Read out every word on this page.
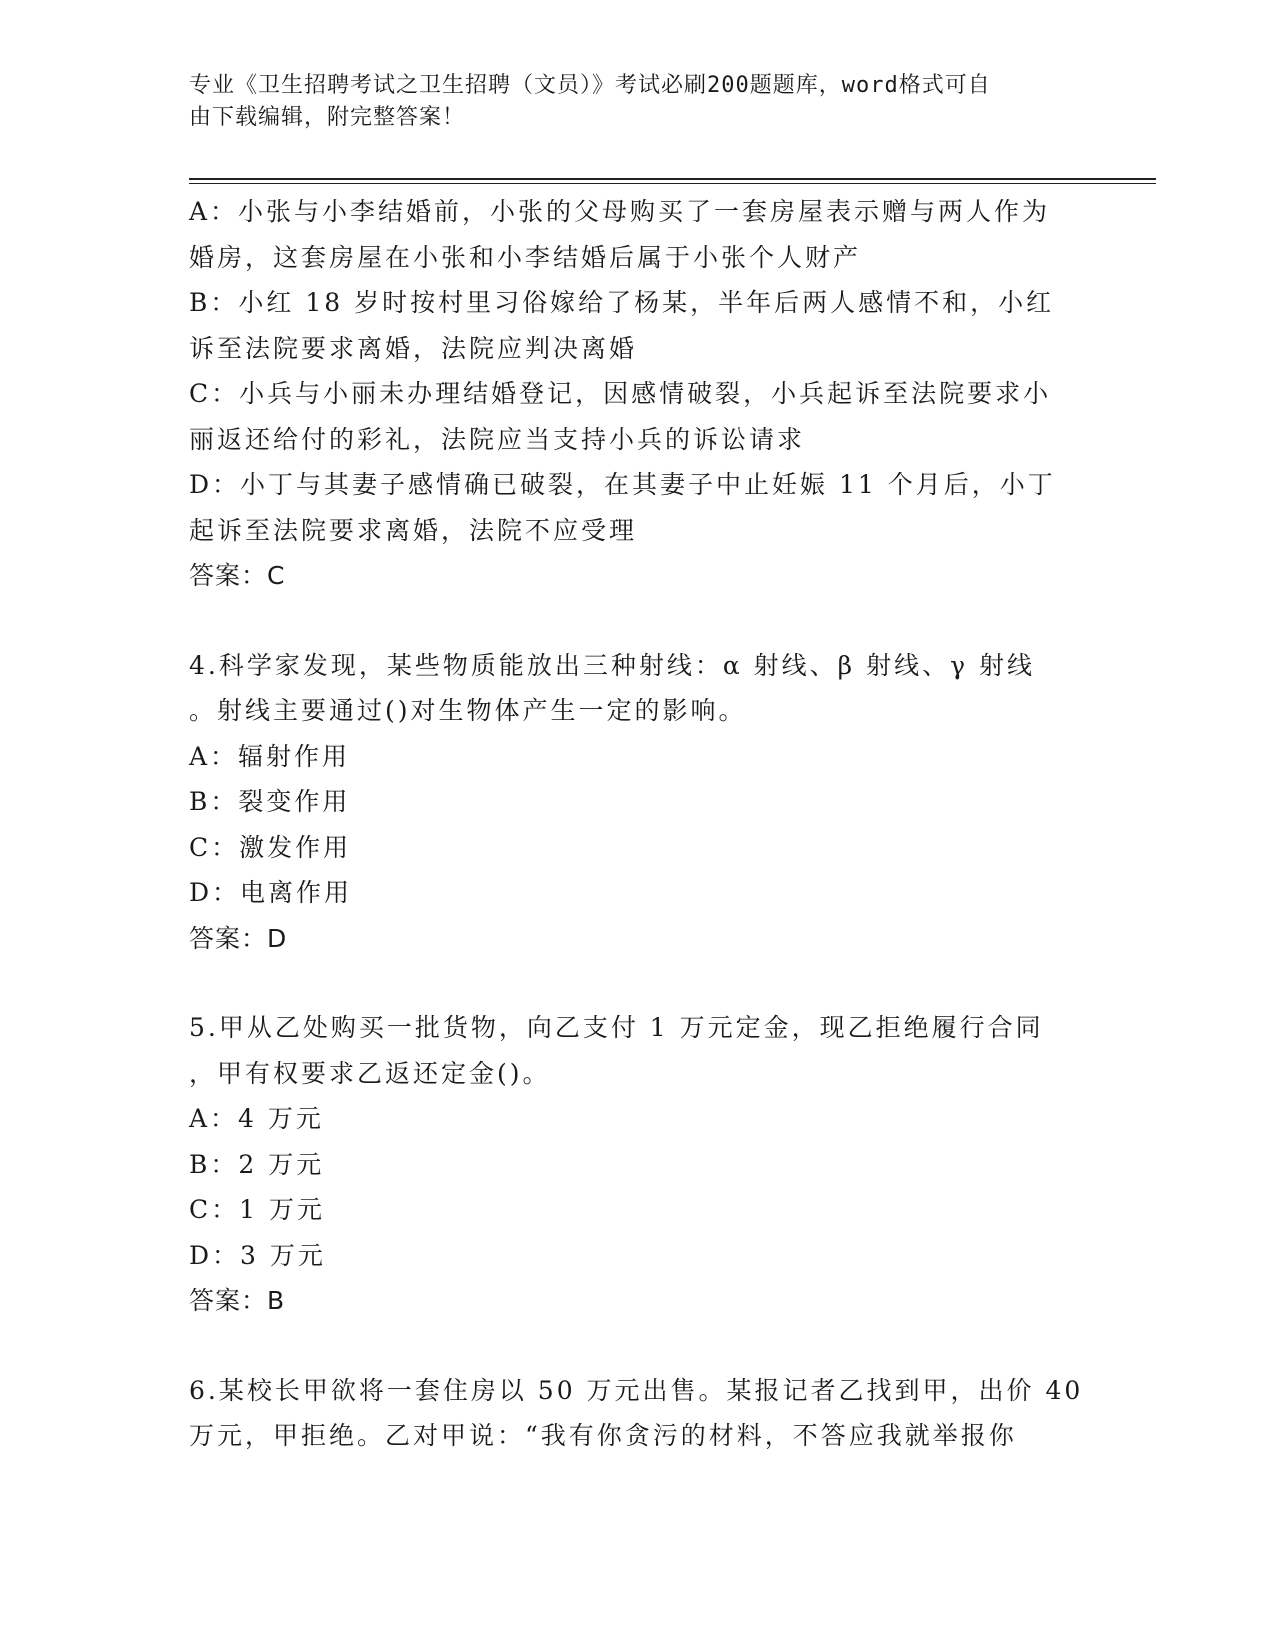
专业《卫生招聘考试之卫生招聘（文员）》考试必刷200题题库，word格式可自
由下载编辑，附完整答案！
A：小张与小李结婚前，小张的父母购买了一套房屋表示赠与两人作为
婚房，这套房屋在小张和小李结婚后属于小张个人财产
B：小红 18 岁时按村里习俗嫁给了杨某，半年后两人感情不和，小红
诉至法院要求离婚，法院应判决离婚
C：小兵与小丽未办理结婚登记，因感情破裂，小兵起诉至法院要求小
丽返还给付的彩礼，法院应当支持小兵的诉讼请求
D：小丁与其妻子感情确已破裂，在其妻子中止妊娠 11 个月后，小丁
起诉至法院要求离婚，法院不应受理
答案：C
4.科学家发现，某些物质能放出三种射线：α 射线、β 射线、γ 射线
。射线主要通过()对生物体产生一定的影响。
A：辐射作用
B：裂变作用
C：激发作用
D：电离作用
答案：D
5.甲从乙处购买一批货物，向乙支付 1 万元定金，现乙拒绝履行合同
，甲有权要求乙返还定金()。
A：4 万元
B：2 万元
C：1 万元
D：3 万元
答案：B
6.某校长甲欲将一套住房以 50 万元出售。某报记者乙找到甲，出价 40
万元，甲拒绝。乙对甲说：“我有你贪污的材料，不答应我就举报你
